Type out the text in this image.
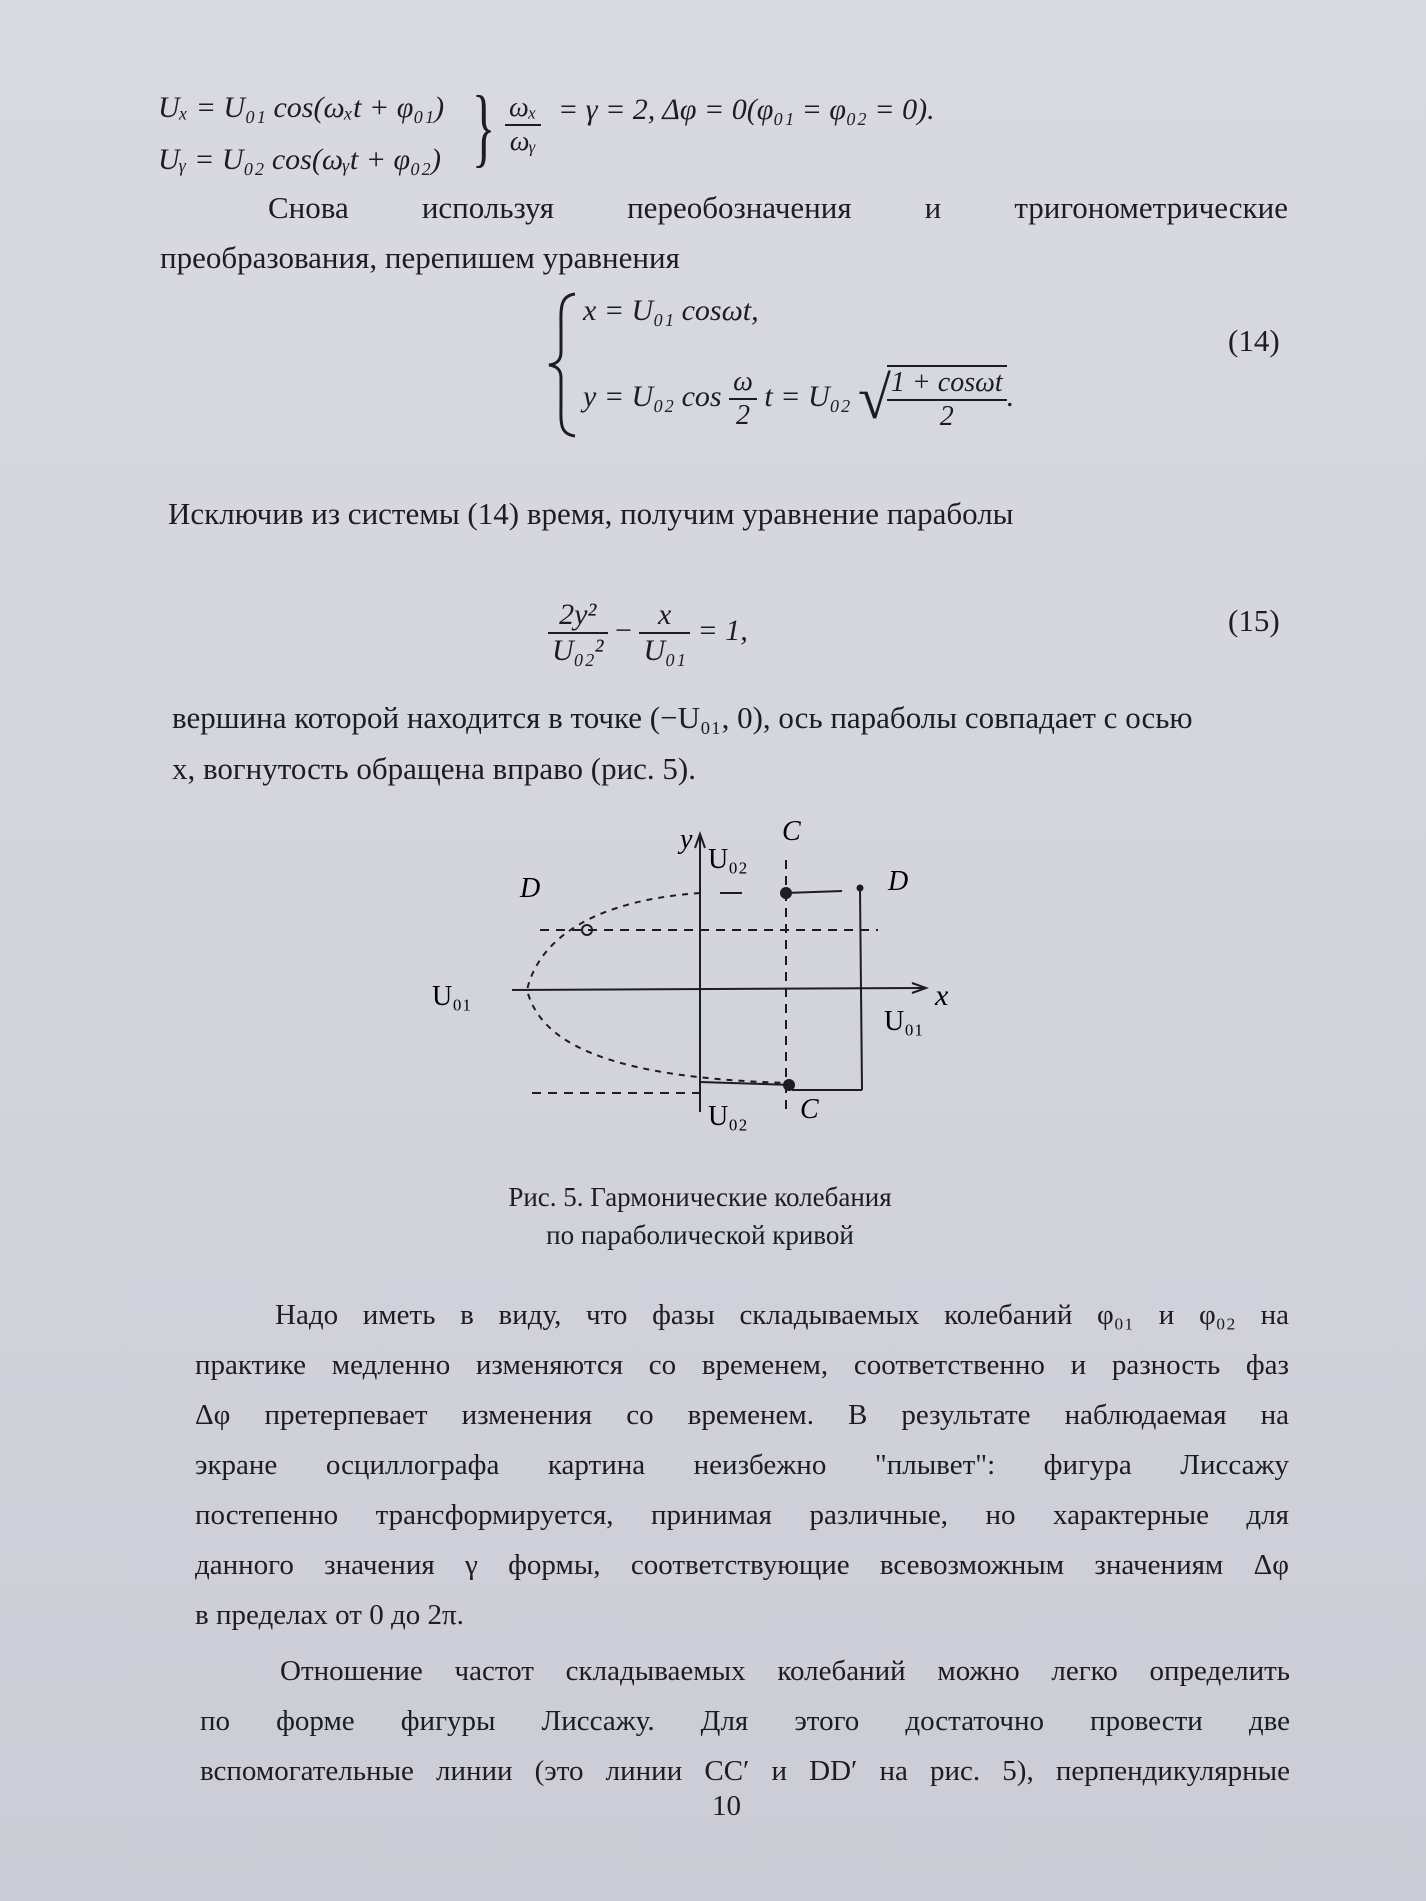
Uₓ = U₀₁ cos(ωₓt + φ₀₁)
Uᵧ = U₀₂ cos(ωᵧt + φ₀₂) } $\frac{\text{ωₓ}}{\text{ωᵧ}} = \gamma = 2$, Δφ = 0(φ₀₁ = φ₀₂ = 0).
Снова используя переобозначения и тригонометрические
преобразования, перепишем уравнения
x = U₀₁ cosωt,
y = U₀₂ $\cos \frac{\omega}{2}$ t = U₀₂ √
$\frac{1 + \cos\omega t}{2}$ .
(14)
Исключив из системы (14) время, получим уравнение параболы
$\frac{\text{2y²}}{\text{U₀₂²}} - \frac{x}{\text{U₀₁}} = 1$,	(15)
вершина которой находится в точке (−U₀₁, 0), ось параболы совпадает с осью
x, вогнутость обращена вправо (рис. 5).
y
x
U₀₂
U₀₂
U₀₁
U₀₁
C
C
D	D
Рис. 5. Гармонические колебания
по параболической кривой
Надо иметь в виду, что фазы складываемых колебаний φ₀₁ и φ₀₂ на
практике медленно изменяются со временем, соответственно и разность фаз
Δφ претерпевает изменения со временем. В результате наблюдаемая на
экране осциллографа картина неизбежно "плывет": фигура Лиссажу
постепенно трансформируется, принимая различные, но характерные для
данного значения γ формы, соответствующие всевозможным значениям Δφ
в пределах от 0 до 2π.
Отношение частот складываемых колебаний можно легко определить
по форме фигуры Лиссажу. Для этого достаточно провести две
вспомогательные линии (это линии CC′ и DD′ на рис. 5), перпендикулярные
10
